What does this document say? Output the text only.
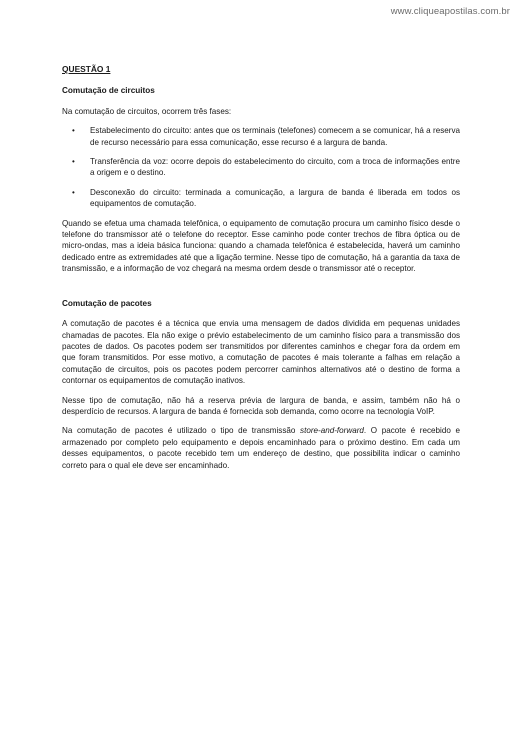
www.cliqueapostilas.com.br
QUESTÃO 1
Comutação de circuitos

Na comutação de circuitos, ocorrem três fases:

• Estabelecimento do circuito: antes que os terminais (telefones) comecem a se comunicar, há a reserva de recurso necessário para essa comunicação, esse recurso é a largura de banda.
• Transferência da voz: ocorre depois do estabelecimento do circuito, com a troca de informações entre a origem e o destino.
• Desconexão do circuito: terminada a comunicação, a largura de banda é liberada em todos os equipamentos de comutação.

Quando se efetua uma chamada telefônica, o equipamento de comutação procura um caminho físico desde o telefone do transmissor até o telefone do receptor. Esse caminho pode conter trechos de fibra óptica ou de micro-ondas, mas a ideia básica funciona: quando a chamada telefônica é estabelecida, haverá um caminho dedicado entre as extremidades até que a ligação termine. Nesse tipo de comutação, há a garantia da taxa de transmissão, e a informação de voz chegará na mesma ordem desde o transmissor até o receptor.

Comutação de pacotes

A comutação de pacotes é a técnica que envia uma mensagem de dados dividida em pequenas unidades chamadas de pacotes. Ela não exige o prévio estabelecimento de um caminho físico para a transmissão dos pacotes de dados. Os pacotes podem ser transmitidos por diferentes caminhos e chegar fora da ordem em que foram transmitidos. Por esse motivo, a comutação de pacotes é mais tolerante a falhas em relação a comutação de circuitos, pois os pacotes podem percorrer caminhos alternativos até o destino de forma a contornar os equipamentos de comutação inativos.

Nesse tipo de comutação, não há a reserva prévia de largura de banda, e assim, também não há o desperdício de recursos. A largura de banda é fornecida sob demanda, como ocorre na tecnologia VoIP.

Na comutação de pacotes é utilizado o tipo de transmissão store-and-forward. O pacote é recebido e armazenado por completo pelo equipamento e depois encaminhado para o próximo destino. Em cada um desses equipamentos, o pacote recebido tem um endereço de destino, que possibilita indicar o caminho correto para o qual ele deve ser encaminhado.
